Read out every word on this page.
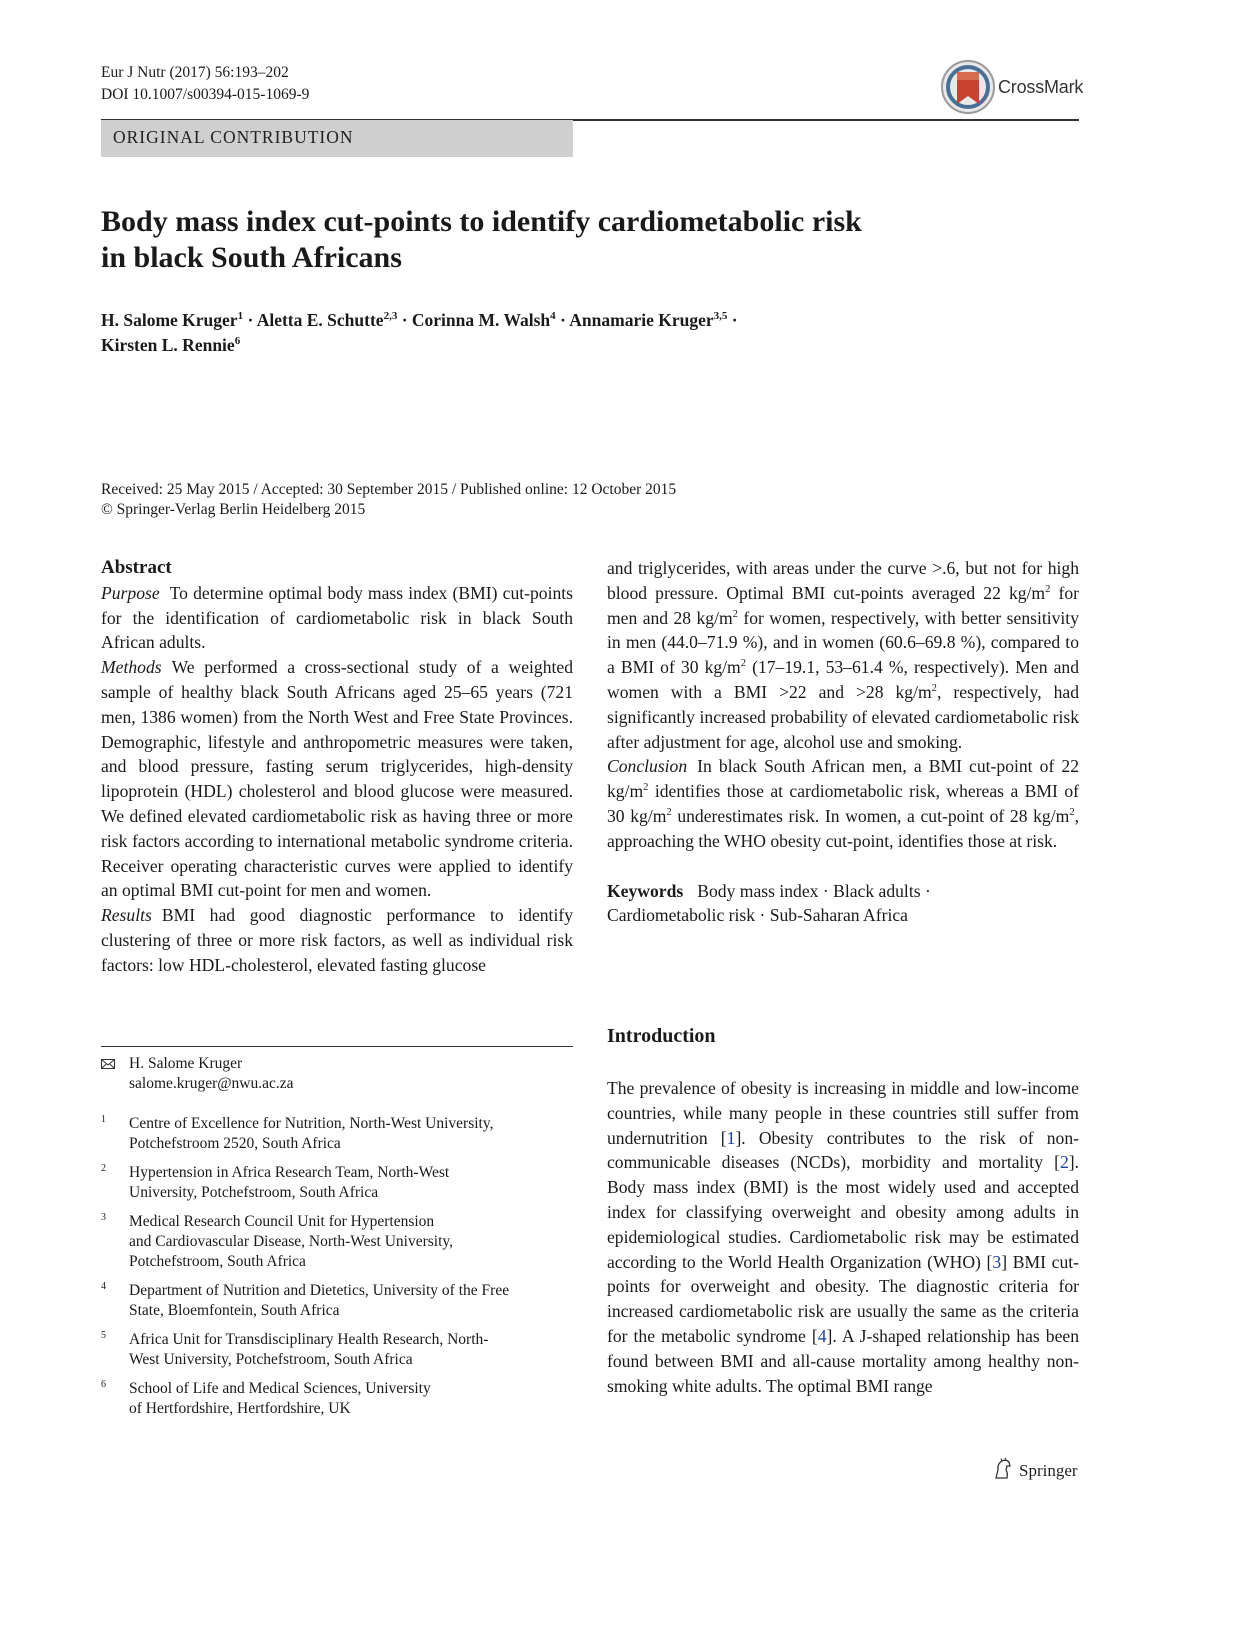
Eur J Nutr (2017) 56:193–202
DOI 10.1007/s00394-015-1069-9	CrossMark
ORIGINAL CONTRIBUTION
Body mass index cut-points to identify cardiometabolic risk
in black South Africans
H. Salome Kruger$^1$ · Aletta E. Schutte$^{2,3}$ · Corinna M. Walsh$^4$ · Annamarie Kruger$^{3,5}$ ·
Kirsten L. Rennie$^6$
Received: 25 May 2015 / Accepted: 30 September 2015 / Published online: 12 October 2015
© Springer-Verlag Berlin Heidelberg 2015
Abstract

Purpose To determine optimal body mass index (BMI) cut-points for the identification of cardiometabolic risk in black South African adults.

Methods We performed a cross-sectional study of a weighted sample of healthy black South Africans aged 25–65 years (721 men, 1386 women) from the North West and Free State Provinces. Demographic, lifestyle and anthropometric measures were taken, and blood pressure, fasting serum triglycerides, high-density lipoprotein (HDL) cholesterol and blood glucose were measured. We defined elevated cardiometabolic risk as having three or more risk factors according to international metabolic syndrome criteria. Receiver operating characteristic curves were applied to identify an optimal BMI cut-point for men and women.

Results BMI had good diagnostic performance to identify clustering of three or more risk factors, as well as individual risk factors: low HDL-cholesterol, elevated fasting glucose

and triglycerides, with areas under the curve >.6, but not for high blood pressure. Optimal BMI cut-points averaged 22 $kg/m^2$ for men and 28 $kg/m^2$ for women, respectively, with better sensitivity in men (44.0–71.9 %), and in women (60.6–69.8 %), compared to a BMI of 30 $kg/m^2$ (17–19.1, 53–61.4 %, respectively). Men and women with a BMI >22 and >28 $kg/m^2$, respectively, had significantly increased probability of elevated cardiometabolic risk after adjustment for age, alcohol use and smoking.

Conclusion In black South African men, a BMI cut-point of 22 $kg/m^2$ identifies those at cardiometabolic risk, whereas a BMI of 30 $kg/m^2$ underestimates risk. In women, a cut-point of 28 $kg/m^2$, approaching the WHO obesity cut-point, identifies those at risk.

Keywords Body mass index · Black adults ·
Cardiometabolic risk · Sub-Saharan Africa
Introduction
The prevalence of obesity is increasing in middle and low-income countries, while many people in these countries still suffer from undernutrition [1]. Obesity contributes to the risk of non-communicable diseases (NCDs), morbidity and mortality [2]. Body mass index (BMI) is the most widely used and accepted index for classifying overweight and obesity among adults in epidemiological studies. Cardiometabolic risk may be estimated according to the World Health Organization (WHO) [3] BMI cut-points for overweight and obesity. The diagnostic criteria for increased cardiometabolic risk are usually the same as the criteria for the metabolic syndrome [4]. A J-shaped relationship has been found between BMI and all-cause mortality among healthy non-smoking white adults. The optimal BMI range
H. Salome Kruger
salome.kruger@nwu.ac.za
1 Centre of Excellence for Nutrition, North-West University,
Potchefstroom 2520, South Africa
2 Hypertension in Africa Research Team, North-West
University, Potchefstroom, South Africa
3 Medical Research Council Unit for Hypertension
and Cardiovascular Disease, North-West University,
Potchefstroom, South Africa
4 Department of Nutrition and Dietetics, University of the Free
State, Bloemfontein, South Africa
5 Africa Unit for Transdisciplinary Health Research, North-
West University, Potchefstroom, South Africa
6 School of Life and Medical Sciences, University
of Hertfordshire, Hertfordshire, UK
Springer
